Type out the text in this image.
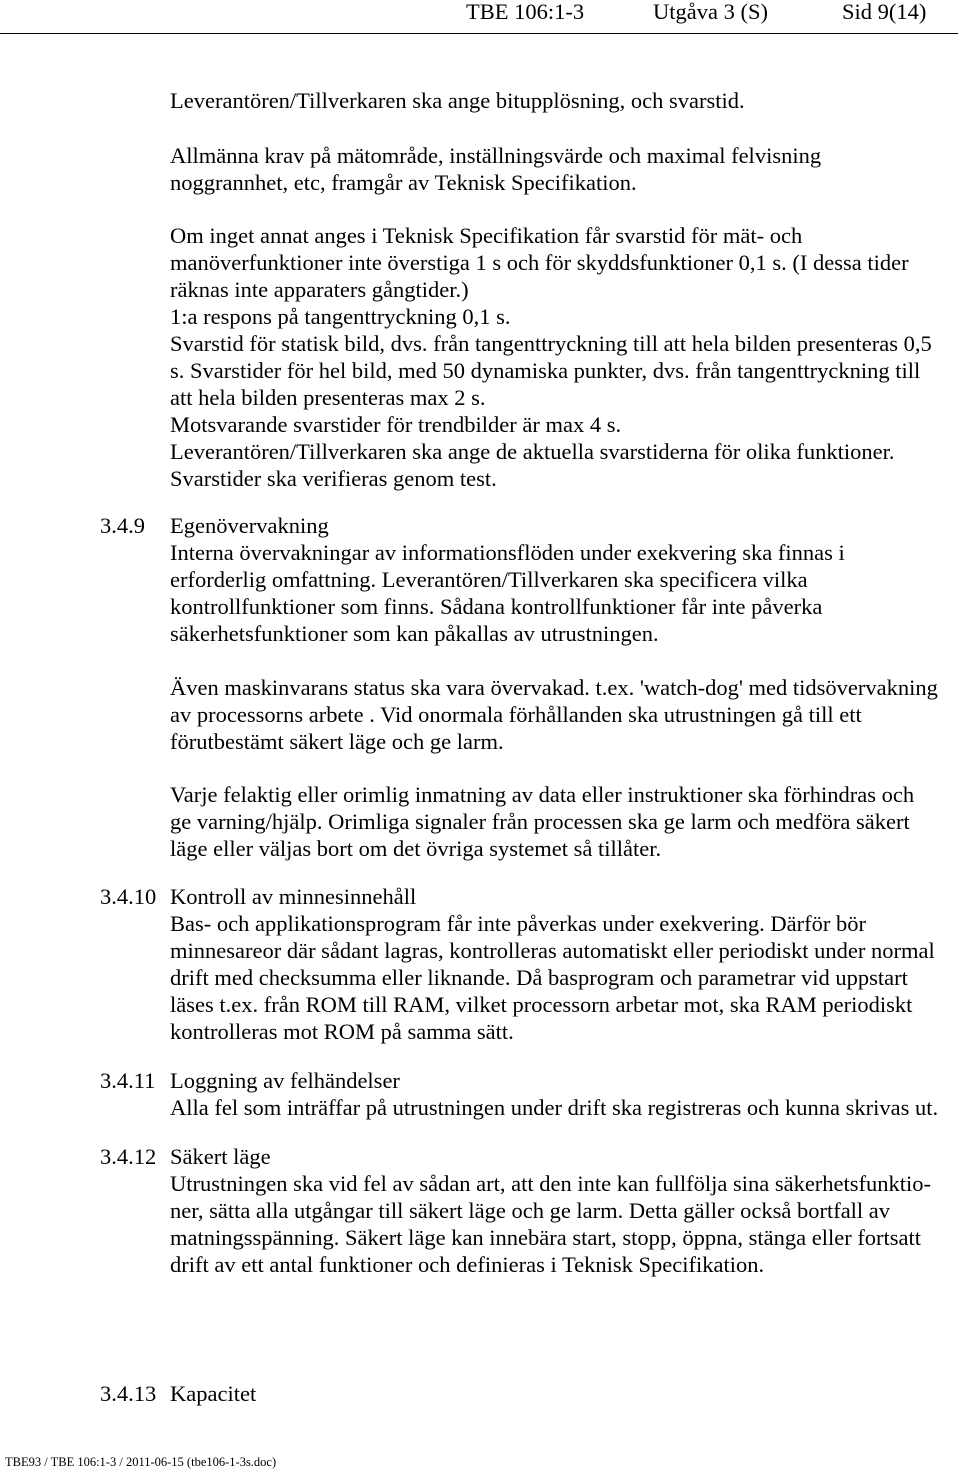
TBE 106:1-3	Utgåva 3 (S)	Sid 9(14)
Leverantören/Tillverkaren ska ange bitupplösning, och svarstid.
Allmänna krav på mätområde, inställningsvärde och maximal felvisning
noggrannhet, etc, framgår av Teknisk Specifikation.
Om inget annat anges i Teknisk Specifikation får svarstid för mät- och
manöverfunktioner inte överstiga 1 s och för skyddsfunktioner 0,1 s. (I dessa tider
räknas inte apparaters gångtider.)
1:a respons på tangenttryckning 0,1 s.
Svarstid för statisk bild, dvs. från tangenttryckning till att hela bilden presenteras 0,5
s. Svarstider för hel bild, med 50 dynamiska punkter, dvs. från tangenttryckning till
att hela bilden presenteras max 2 s.
Motsvarande svarstider för trendbilder är max 4 s.
Leverantören/Tillverkaren ska ange de aktuella svarstiderna för olika funktioner.
Svarstider ska verifieras genom test.
3.4.9 Egenövervakning
Interna övervakningar av informationsflöden under exekvering ska finnas i
erforderlig omfattning. Leverantören/Tillverkaren ska specificera vilka
kontrollfunktioner som finns. Sådana kontrollfunktioner får inte påverka
säkerhetsfunktioner som kan påkallas av utrustningen.
Även maskinvarans status ska vara övervakad. t.ex. 'watch-dog' med tidsövervakning
av processorns arbete . Vid onormala förhållanden ska utrustningen gå till ett
förutbestämt säkert läge och ge larm.
Varje felaktig eller orimlig inmatning av data eller instruktioner ska förhindras och
ge varning/hjälp. Orimliga signaler från processen ska ge larm och medföra säkert
läge eller väljas bort om det övriga systemet så tillåter.
3.4.10 Kontroll av minnesinnehåll
Bas- och applikationsprogram får inte påverkas under exekvering. Därför bör
minnesareor där sådant lagras, kontrolleras automatiskt eller periodiskt under normal
drift med checksumma eller liknande. Då basprogram och parametrar vid uppstart
läses t.ex. från ROM till RAM, vilket processorn arbetar mot, ska RAM periodiskt
kontrolleras mot ROM på samma sätt.
3.4.11 Loggning av felhändelser
Alla fel som inträffar på utrustningen under drift ska registreras och kunna skrivas ut.
3.4.12 Säkert läge
Utrustningen ska vid fel av sådan art, att den inte kan fullfölja sina säkerhetsfunktio-
ner, sätta alla utgångar till säkert läge och ge larm. Detta gäller också bortfall av
matningsspänning. Säkert läge kan innebära start, stopp, öppna, stänga eller fortsatt
drift av ett antal funktioner och definieras i Teknisk Specifikation.
3.4.13 Kapacitet
TBE93 / TBE 106:1-3 / 2011-06-15 (tbe106-1-3s.doc)
